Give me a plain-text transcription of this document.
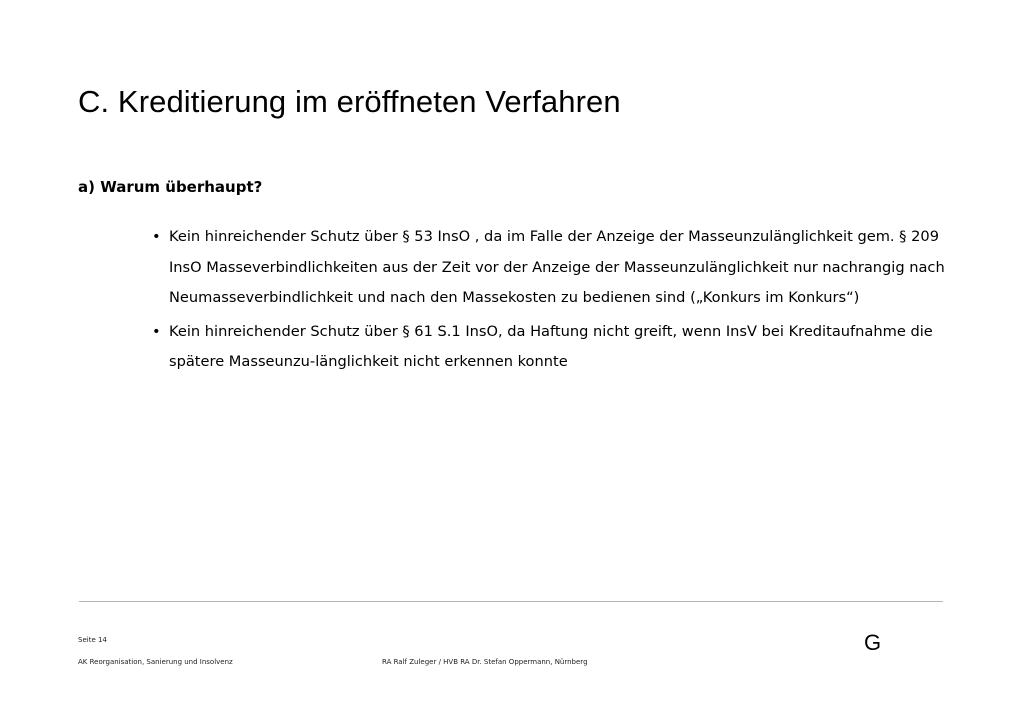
C. Kreditierung im eröffneten Verfahren
a) Warum überhaupt?
• Kein hinreichender Schutz über § 53 InsO , da im Falle der Anzeige der Masseunzulänglichkeit gem. § 209 InsO Masseverbindlichkeiten aus der Zeit vor der Anzeige der Masseunzulänglichkeit nur nachrangig nach Neumasseverbindlichkeit und nach den Massekosten zu bedienen sind („Konkurs im Konkurs“)
• Kein hinreichender Schutz über § 61 S.1 InsO, da Haftung nicht greift, wenn InsV bei Kreditaufnahme die spätere Masseunzu-länglichkeit nicht erkennen konnte
Seite 14
AK Reorganisation, Sanierung und Insolvenz	RA Ralf Zuleger / HVB RA Dr. Stefan Oppermann, Nürnberg
G
